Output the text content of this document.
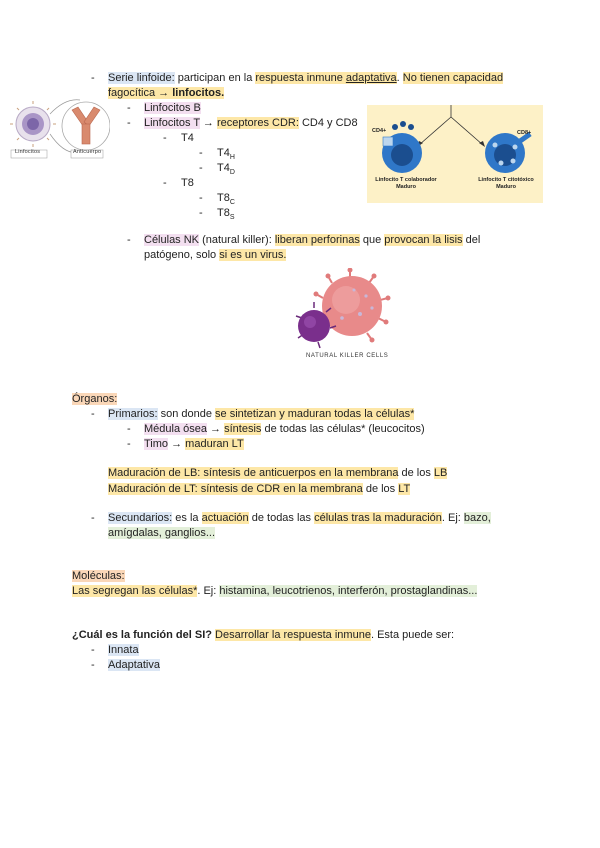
- Serie linfoide: participan en la respuesta inmune adaptativa. No tienen capacidad
fagocítica → linfocitos.
- Linfocitos B
- Linfocitos T → receptores CDR: CD4 y CD8
- T4
- $T4_H$
- $T4_D$
- T8
- $T8_C$
- $T8_S$
- Células NK (natural killer): liberan perforinas que provocan la lisis del
patógeno, solo si es un virus.
Linfocitos	Anticuerpo
CD4+	CD8+
Linfocito T colaborador
Maduro
Linfocito T citotóxico
Maduro
NATURAL KILLER CELLS
Órganos:
- Primarios: son donde se sintetizan y maduran todas la células*
- Médula ósea → síntesis de todas las células* (leucocitos)
- Timo → maduran LT
Maduración de LB: síntesis de anticuerpos en la membrana de los LB
Maduración de LT: síntesis de CDR en la membrana de los LT
- Secundarios: es la actuación de todas las células tras la maduración. Ej: bazo,
amígdalas, ganglios...
Moléculas:
Las segregan las células*. Ej: histamina, leucotrienos, interferón, prostaglandinas...
¿Cuál es la función del SI? Desarrollar la respuesta inmune. Esta puede ser:
- Innata
- Adaptativa
